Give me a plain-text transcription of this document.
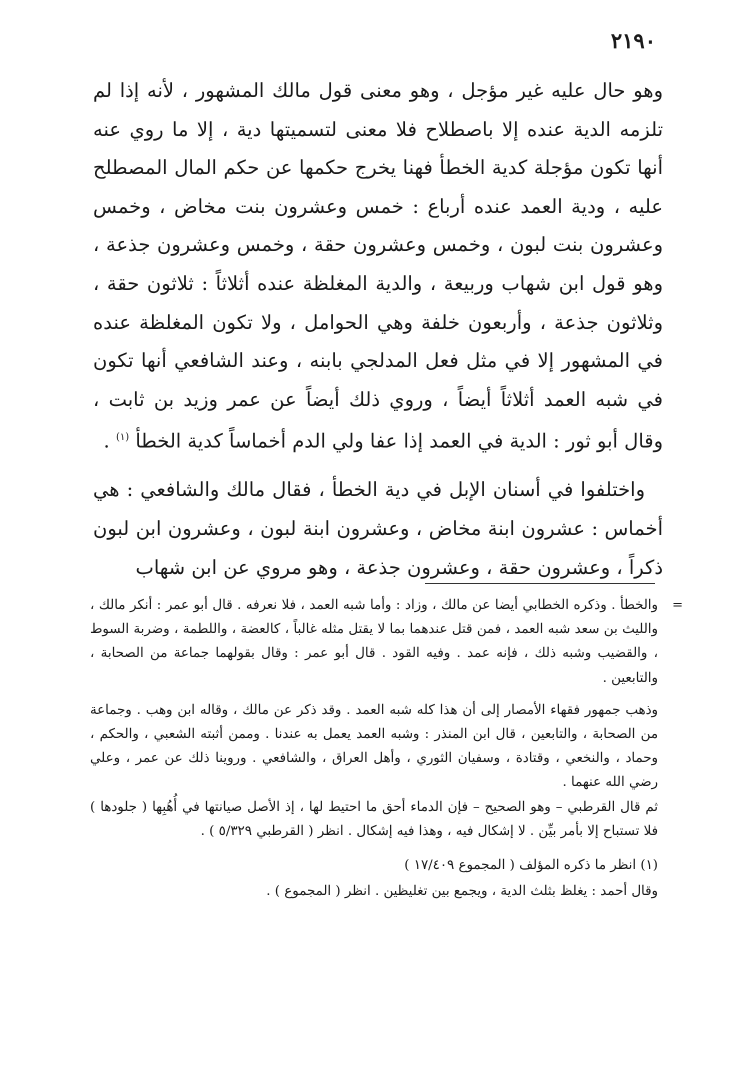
٢١٩٠

وهو حال عليه غير مؤجل ، وهو معنى قول مالك المشهور ، لأنه إذا لم تلزمه الدية عنده إلا باصطلاح فلا معنى لتسميتها دية ، إلا ما روي عنه أنها تكون مؤجلة كدية الخطأ فهنا يخرج حكمها عن حكم المال المصطلح عليه ، ودية العمد عنده أرباع : خمس وعشرون بنت مخاض ، وخمس وعشرون بنت لبون ، وخمس وعشرون حقة ، وخمس وعشرون جذعة ، وهو قول ابن شهاب وربيعة ، والدية المغلظة عنده أثلاثاً : ثلاثون حقة ، وثلاثون جذعة ، وأربعون خلفة وهي الحوامل ، ولا تكون المغلظة عنده في المشهور إلا في مثل فعل المدلجي بابنه ، وعند الشافعي أنها تكون في شبه العمد أثلاثاً أيضاً ، وروي ذلك أيضاً عن عمر وزيد بن ثابت ، وقال أبو ثور : الدية في العمد إذا عفا ولي الدم أخماساً كدية الخطأ $^{(١)}$ .

واختلفوا في أسنان الإبل في دية الخطأ ، فقال مالك والشافعي : هي أخماس : عشرون ابنة مخاض ، وعشرون ابنة لبون ، وعشرون ابن لبون ذكراً ، وعشرون حقة ، وعشرون جذعة ، وهو مروي عن ابن شهاب

=
والخطأ . وذكره الخطابي أيضا عن مالك ، وزاد : وأما شبه العمد ، فلا نعرفه . قال أبو عمر : أنكر مالك ، والليث بن سعد شبه العمد ، فمن قتل عندهما بما لا يقتل مثله غالباً ، كالعضة ، واللطمة ، وضربة السوط ، والقضيب وشبه ذلك ، فإنه عمد . وفيه القود . قال أبو عمر : وقال بقولهما جماعة من الصحابة ، والتابعين .

وذهب جمهور فقهاء الأمصار إلى أن هذا كله شبه العمد . وقد ذكر عن مالك ، وقاله ابن وهب . وجماعة من الصحابة ، والتابعين ، قال ابن المنذر : وشبه العمد يعمل به عندنا . وممن أثبته الشعبي ، والحكم ، وحماد ، والنخعي ، وقتادة ، وسفيان الثوري ، وأهل العراق ، والشافعي . وروينا ذلك عن عمر ، وعلي رضي الله عنهما .

ثم قال القرطبي – وهو الصحيح – فإن الدماء أحق ما احتيط لها ، إذ الأصل صيانتها في أُهُبِها ( جلودها ) فلا تستباح إلا بأمر بيِّن . لا إشكال فيه ، وهذا فيه إشكال . انظر ( القرطبي ٥/٣٢٩ ) .

(١) انظر ما ذكره المؤلف ( المجموع ١٧/٤٠٩ )

وقال أحمد : يغلظ بثلث الدية ، ويجمع بين تغليظين . انظر ( المجموع ) .
